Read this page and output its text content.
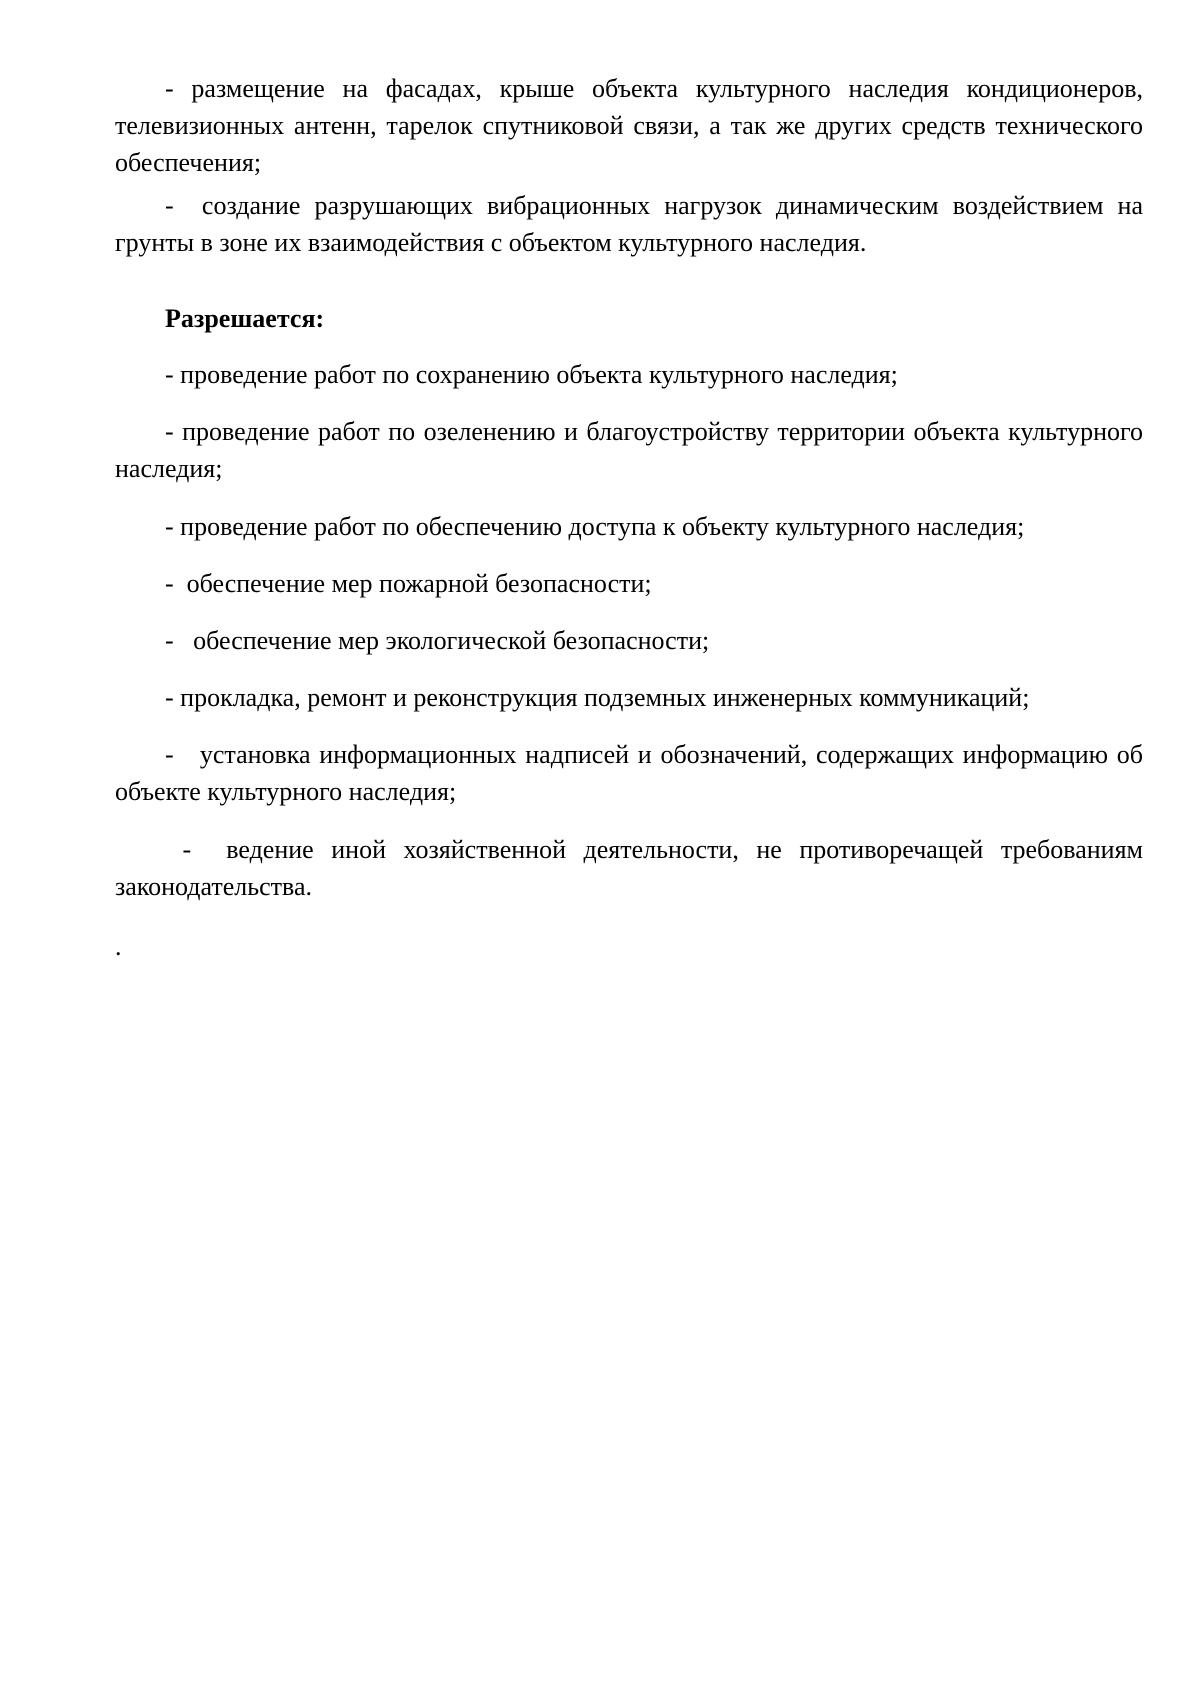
- размещение на фасадах, крыше объекта культурного наследия кондиционеров, телевизионных антенн, тарелок спутниковой связи, а так же других средств технического обеспечения;

-  создание разрушающих вибрационных нагрузок динамическим воздействием на грунты в зоне их взаимодействия с объектом культурного наследия.

Разрешается:

- проведение работ по сохранению объекта культурного наследия;

- проведение работ по озеленению и благоустройству территории объекта культурного наследия;

- проведение работ по обеспечению доступа к объекту культурного наследия;

-  обеспечение мер пожарной безопасности;

-   обеспечение мер экологической безопасности;

- прокладка, ремонт и реконструкция подземных инженерных коммуникаций;

-   установка информационных надписей и обозначений, содержащих информацию об объекте культурного наследия;

-  ведение иной хозяйственной деятельности, не противоречащей требованиям законодательства.

.
